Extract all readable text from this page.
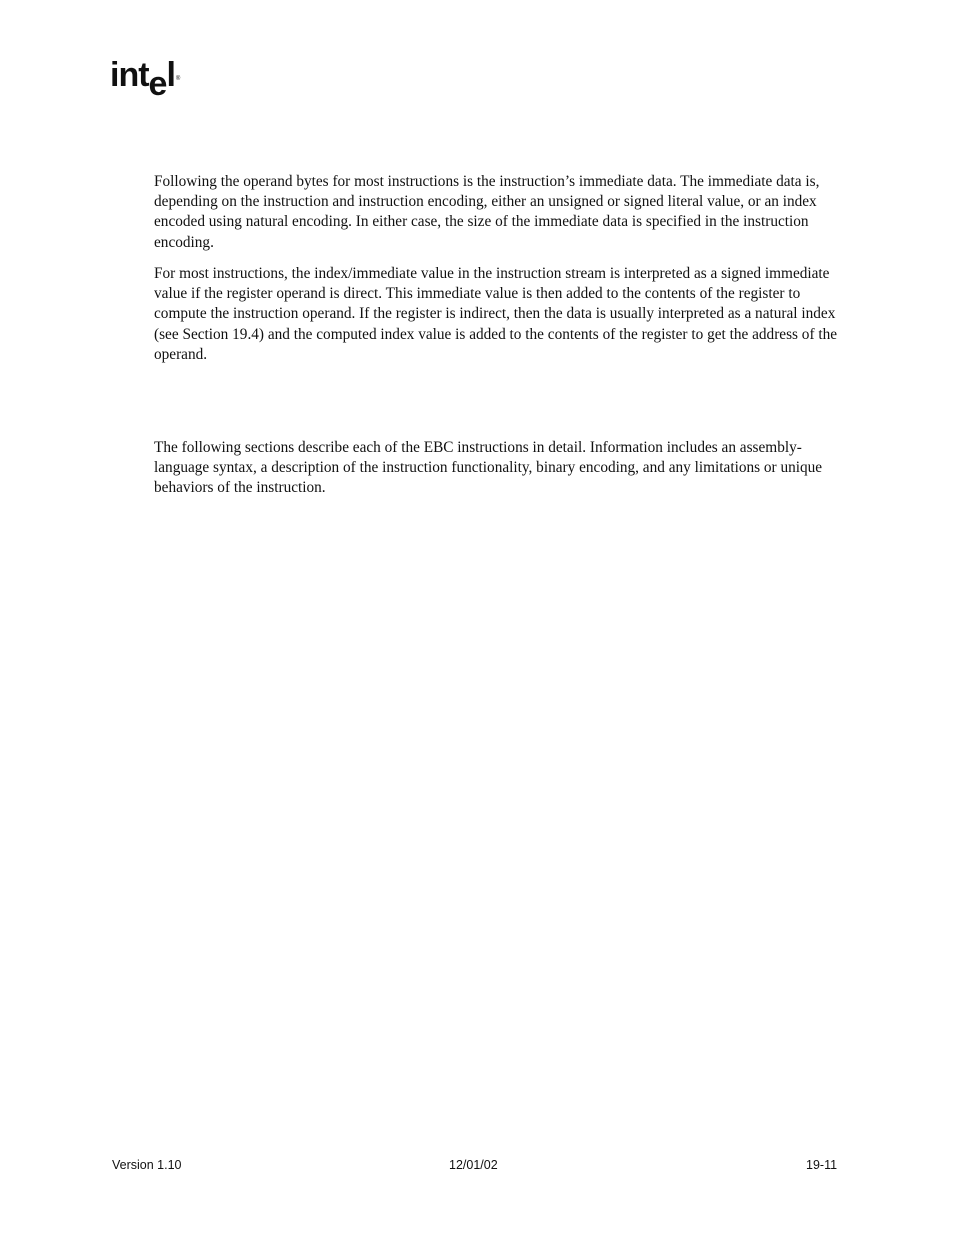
intel®

Following the operand bytes for most instructions is the instruction’s immediate data. The immediate data is, depending on the instruction and instruction encoding, either an unsigned or signed literal value, or an index encoded using natural encoding. In either case, the size of the immediate data is specified in the instruction encoding.

For most instructions, the index/immediate value in the instruction stream is interpreted as a signed immediate value if the register operand is direct. This immediate value is then added to the contents of the register to compute the instruction operand. If the register is indirect, then the data is usually interpreted as a natural index (see Section 19.4) and the computed index value is added to the contents of the register to get the address of the operand.

The following sections describe each of the EBC instructions in detail. Information includes an assembly-language syntax, a description of the instruction functionality, binary encoding, and any limitations or unique behaviors of the instruction.

Version 1.10	12/01/02	19-11
